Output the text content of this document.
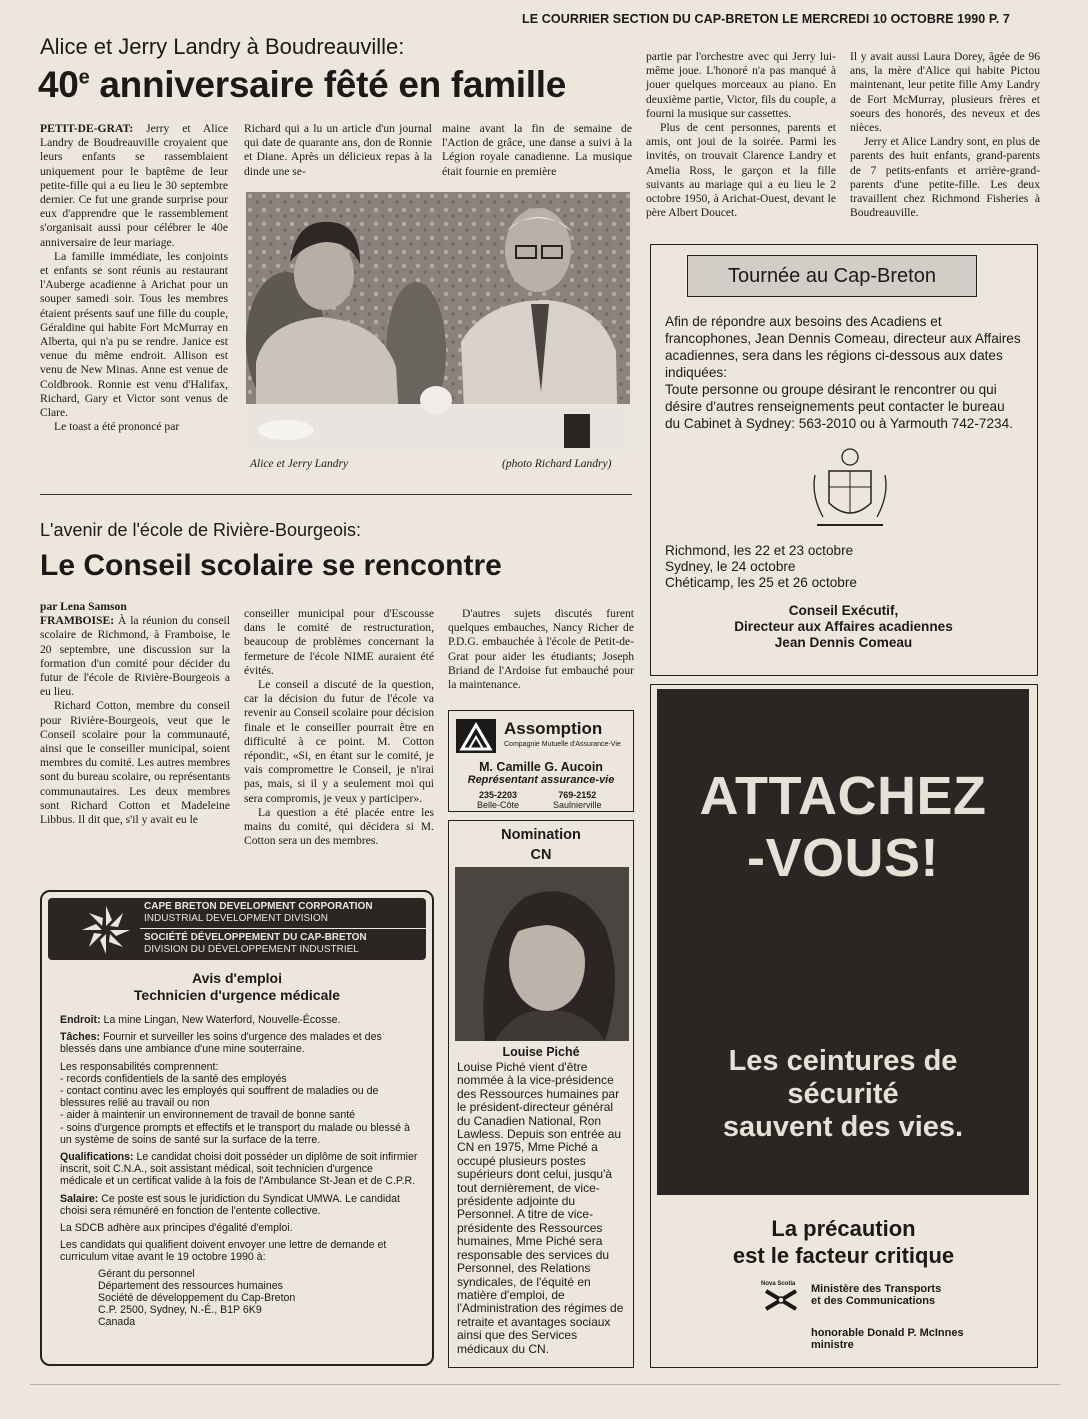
LE COURRIER SECTION DU CAP-BRETON LE MERCREDI 10 OCTOBRE 1990 P. 7
Alice et Jerry Landry à Boudreauville:
40e anniversaire fêté en famille

PETIT-DE-GRAT: Jerry et Alice Landry de Boudreauville croyaient que leurs enfants se rassemblaient uniquement pour le baptême de leur petite-fille qui a eu lieu le 30 septembre dernier. Ce fut une grande surprise pour eux d'apprendre que le rassemblement s'organisait aussi pour célébrer le 40e anniversaire de leur mariage.

La famille immédiate, les conjoints et enfants se sont réunis au restaurant l'Auberge acadienne à Arichat pour un souper samedi soir. Tous les membres étaient présents sauf une fille du couple, Géraldine qui habite Fort McMurray en Alberta, qui n'a pu se rendre. Janice est venue du même endroit. Allison est venu de New Minas. Anne est venue de Coldbrook. Ronnie est venu d'Halifax, Richard, Gary et Victor sont venus de Clare.

Le toast a été prononcé par

Richard qui a lu un article d'un journal qui date de quarante ans, don de Ronnie et Diane. Après un délicieux repas à la dinde une se-

maine avant la fin de semaine de l'Action de grâce, une danse a suivi à la Légion royale canadienne. La musique était fournie en première

partie par l'orchestre avec qui Jerry lui-même joue. L'honoré n'a pas manqué à jouer quelques morceaux au piano. En deuxième partie, Victor, fils du couple, a fourni la musique sur cassettes.

Plus de cent personnes, parents et amis, ont joui de la soirée. Parmi les invités, on trouvait Clarence Landry et Amelia Ross, le garçon et la fille suivants au mariage qui a eu lieu le 2 octobre 1950, à Arichat-Ouest, devant le père Albert Doucet.

Il y avait aussi Laura Dorey, âgée de 96 ans, la mère d'Alice qui habite Pictou maintenant, leur petite fille Amy Landry de Fort McMurray, plusieurs frères et soeurs des honorés, des neveux et des nièces.

Jerry et Alice Landry sont, en plus de parents des huit enfants, grand-parents de 7 petits-enfants et arrière-grand-parents d'une petite-fille. Les deux travaillent chez Richmond Fisheries à Boudreauville.

Alice et Jerry Landry	(photo Richard Landry)
Tournée au Cap-Breton
Afin de répondre aux besoins des Acadiens et francophones, Jean Dennis Comeau, directeur aux Affaires acadiennes, sera dans les régions ci-dessous aux dates indiquées:
Toute personne ou groupe désirant le rencontrer ou qui désire d'autres renseignements peut contacter le bureau du Cabinet à Sydney: 563-2010 ou à Yarmouth 742-7234.
Richmond, les 22 et 23 octobre
Sydney, le 24 octobre
Chéticamp, les 25 et 26 octobre
Conseil Exécutif,
Directeur aux Affaires acadiennes
Jean Dennis Comeau
L'avenir de l'école de Rivière-Bourgeois:
Le Conseil scolaire se rencontre

par Lena Samson

FRAMBOISE: À la réunion du conseil scolaire de Richmond, à Framboise, le 20 septembre, une discussion sur la formation d'un comité pour décider du futur de l'école de Rivière-Bourgeois a eu lieu.

Richard Cotton, membre du conseil pour Rivière-Bourgeois, veut que le Conseil scolaire pour la communauté, ainsi que le conseiller municipal, soient membres du comité. Les autres membres sont du bureau scolaire, ou représentants communautaires. Les deux membres sont Richard Cotton et Madeleine Libbus. Il dit que, s'il y avait eu le

conseiller municipal pour d'Escousse dans le comité de restructuration, beaucoup de problèmes concernant la fermeture de l'école NIME auraient été évités.

Le conseil a discuté de la question, car la décision du futur de l'école va revenir au Conseil scolaire pour décision finale et le conseiller pourrait être en difficulté à ce point. M. Cotton répondit:, «Si, en étant sur le comité, je vais compromettre le Conseil, je n'irai pas, mais, si il y a seulement moi qui sera compromis, je veux y participer».

La question a été placée entre les mains du comité, qui décidera si M. Cotton sera un des membres.

D'autres sujets discutés furent quelques embauches, Nancy Richer de P.D.G. embauchée à l'école de Petit-de-Grat pour aider les étudiants; Joseph Briand de l'Ardoise fut embauché pour la maintenance.

Assomption
Compagnie Mutuelle d'Assurance-Vie
M. Camille G. Aucoin
Représentant assurance-vie
235-2203
Belle-Côte
769-2152
Saulnierville
Nomination
CN
Louise Piché
Louise Piché vient d'être nommée à la vice-présidence des Ressources humaines par le président-directeur général du Canadien National, Ron Lawless. Depuis son entrée au CN en 1975, Mme Piché a occupé plusieurs postes supérieurs dont celui, jusqu'à tout dernièrement, de vice-présidente adjointe du Personnel. A titre de vice-présidente des Ressources humaines, Mme Piché sera responsable des services du Personnel, des Relations syndicales, de l'équité en matière d'emploi, de l'Administration des régimes de retraite et avantages sociaux ainsi que des Services médicaux du CN.
CAPE BRETON DEVELOPMENT CORPORATION
INDUSTRIAL DEVELOPMENT DIVISION
SOCIÉTÉ DÉVELOPPEMENT DU CAP-BRETON
DIVISION DU DÉVELOPPEMENT INDUSTRIEL
Avis d'emploi
Technicien d'urgence médicale
Endroit: La mine Lingan, New Waterford, Nouvelle-Écosse.
Tâches: Fournir et surveiller les soins d'urgence des malades et des blessés dans une ambiance d'une mine souterraine.
Les responsabilités comprennent:
- records confidentiels de la santé des employés
- contact continu avec les employés qui souffrent de maladies ou de blessures relié au travail ou non
- aider à maintenir un environnement de travail de bonne santé
- soins d'urgence prompts et effectifs et le transport du malade ou blessé à un système de soins de santé sur la surface de la terre.
Qualifications: Le candidat choisi doit posséder un diplôme de soit infirmier inscrit, soit C.N.A., soit assistant médical, soit technicien d'urgence médicale et un certificat valide à la fois de l'Ambulance St-Jean et de C.P.R.
Salaire: Ce poste est sous le juridiction du Syndicat UMWA. Le candidat choisi sera rémunéré en fonction de l'entente collective.
La SDCB adhère aux principes d'égalité d'emploi.
Les candidats qui qualifient doivent envoyer une lettre de demande et curriculum vitae avant le 19 octobre 1990 à:
Gérant du personnel
Département des ressources humaines
Société de développement du Cap-Breton
C.P. 2500, Sydney, N.-É., B1P 6K9
Canada
ATTACHEZ
-VOUS!
Les ceintures de
sécurité
sauvent des vies.
La précaution
est le facteur critique
Nova Scotia Ministère des Transports
et des Communications
honorable Donald P. McInnes
ministre
